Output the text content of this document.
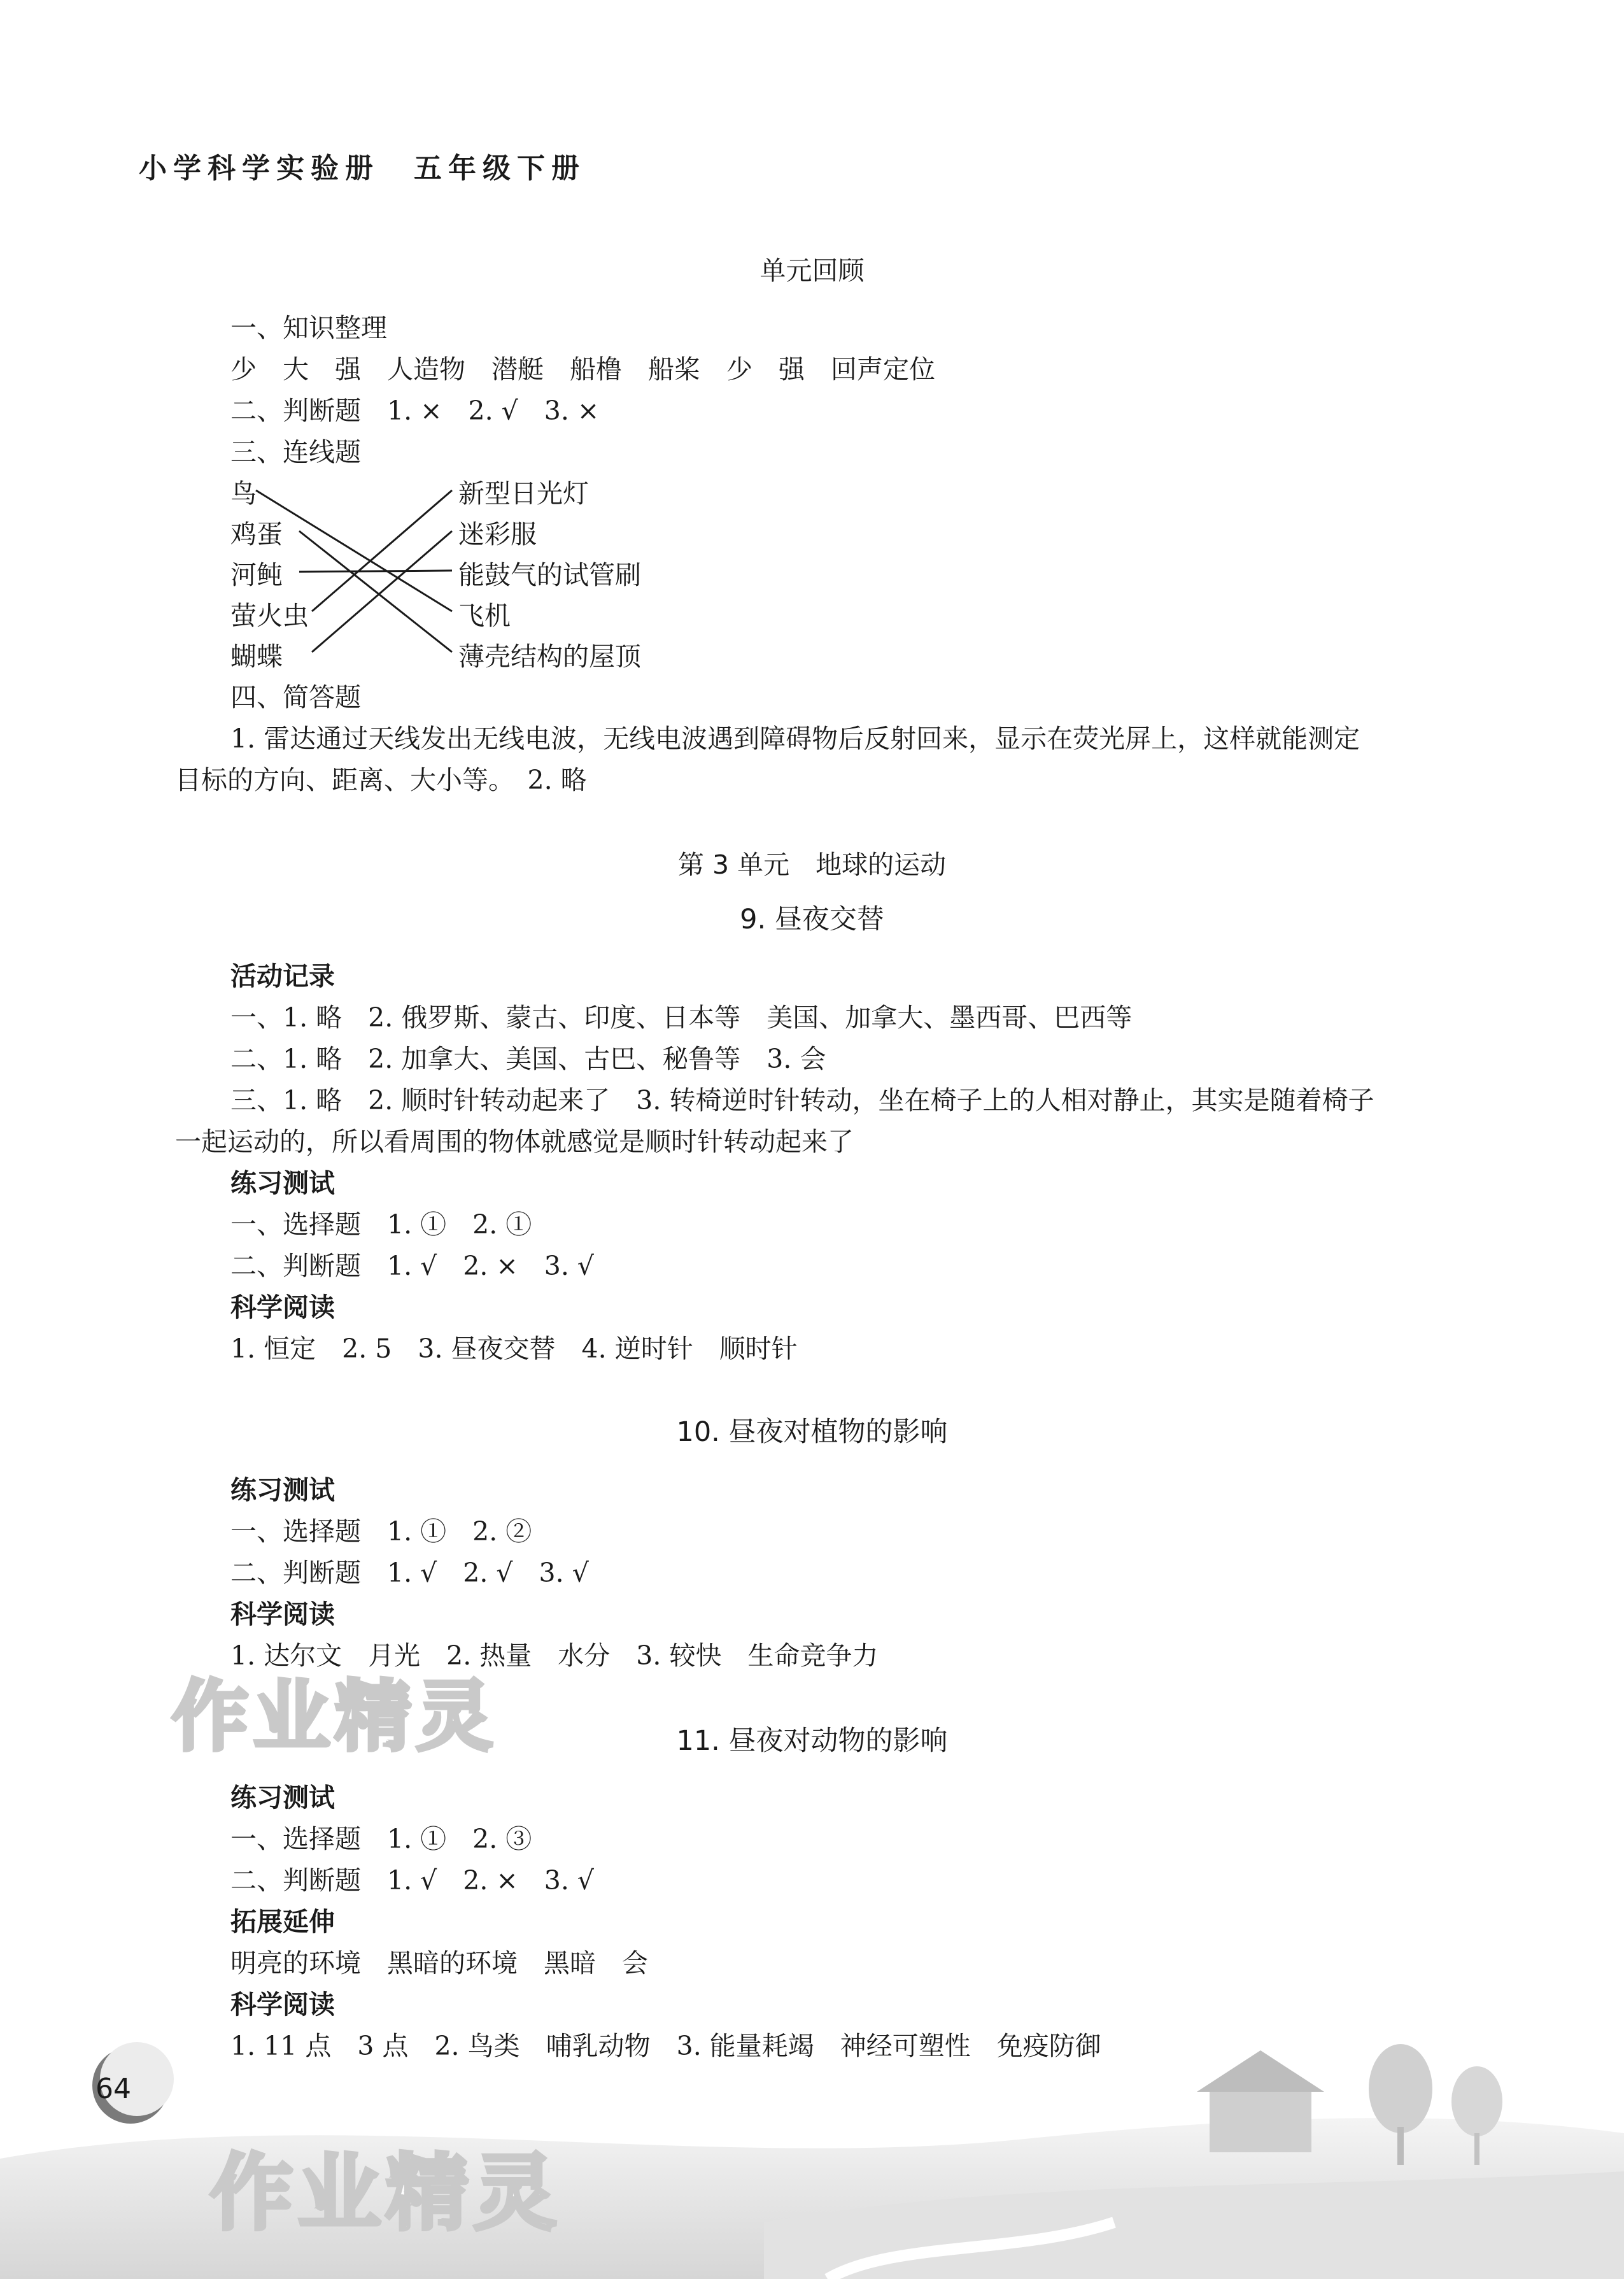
小学科学实验册　五年级下册
单元回顾
一、知识整理
少　大　强　人造物　潜艇　船橹　船桨　少　强　回声定位
二、判断题　1. ×　2. √　3. ×
三、连线题
鸟
鸡蛋
河鲀
萤火虫
蝴蝶
新型日光灯
迷彩服
能鼓气的试管刷
飞机
薄壳结构的屋顶
四、简答题
1. 雷达通过天线发出无线电波，无线电波遇到障碍物后反射回来，显示在荧光屏上，这样就能测定
目标的方向、距离、大小等。　2. 略
第 3 单元　地球的运动
9. 昼夜交替
活动记录
一、1. 略　2. 俄罗斯、蒙古、印度、日本等　美国、加拿大、墨西哥、巴西等
二、1. 略　2. 加拿大、美国、古巴、秘鲁等　3. 会
三、1. 略　2. 顺时针转动起来了　3. 转椅逆时针转动，坐在椅子上的人相对静止，其实是随着椅子
一起运动的，所以看周围的物体就感觉是顺时针转动起来了
练习测试
一、选择题　1. ①　2. ①
二、判断题　1. √　2. ×　3. √
科学阅读
1. 恒定　2. 5　3. 昼夜交替　4. 逆时针　顺时针
10. 昼夜对植物的影响
练习测试
一、选择题　1. ①　2. ②
二、判断题　1. √　2. √　3. √
科学阅读
1. 达尔文　月光　2. 热量　水分　3. 较快　生命竞争力
作业精灵	11. 昼夜对动物的影响
练习测试
一、选择题　1. ①　2. ③
二、判断题　1. √　2. ×　3. √
拓展延伸
明亮的环境　黑暗的环境　黑暗　会
科学阅读
1. 11 点　3 点　2. 鸟类　哺乳动物　3. 能量耗竭　神经可塑性　免疫防御
64
作业精灵
